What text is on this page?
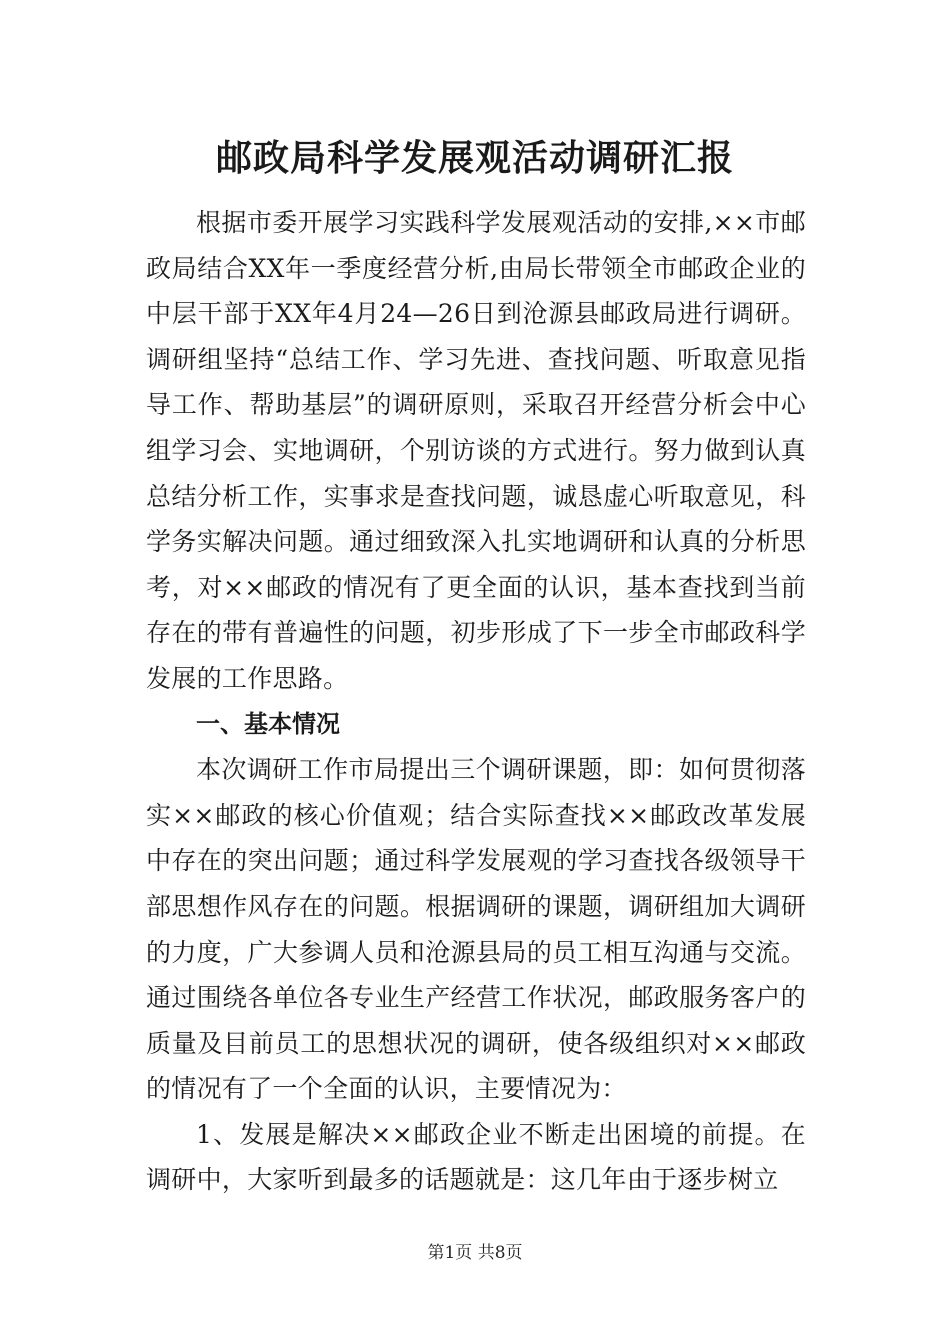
邮政局科学发展观活动调研汇报

根据市委开展学习实践科学发展观活动的安排,××市邮政局结合XX年一季度经营分析,由局长带领全市邮政企业的中层干部于XX年4月24—26日到沧源县邮政局进行调研。调研组坚持“总结工作、学习先进、查找问题、听取意见指导工作、帮助基层”的调研原则，采取召开经营分析会中心组学习会、实地调研，个别访谈的方式进行。努力做到认真总结分析工作，实事求是查找问题，诚恳虚心听取意见，科学务实解决问题。通过细致深入扎实地调研和认真的分析思考，对××邮政的情况有了更全面的认识，基本查找到当前存在的带有普遍性的问题，初步形成了下一步全市邮政科学发展的工作思路。

一、基本情况

本次调研工作市局提出三个调研课题，即：如何贯彻落实××邮政的核心价值观；结合实际查找××邮政改革发展中存在的突出问题；通过科学发展观的学习查找各级领导干部思想作风存在的问题。根据调研的课题，调研组加大调研的力度，广大参调人员和沧源县局的员工相互沟通与交流。通过围绕各单位各专业生产经营工作状况，邮政服务客户的质量及目前员工的思想状况的调研，使各级组织对××邮政的情况有了一个全面的认识，主要情况为：

1、发展是解决××邮政企业不断走出困境的前提。在调研中，大家听到最多的话题就是：这几年由于逐步树立

第1页 共8页
